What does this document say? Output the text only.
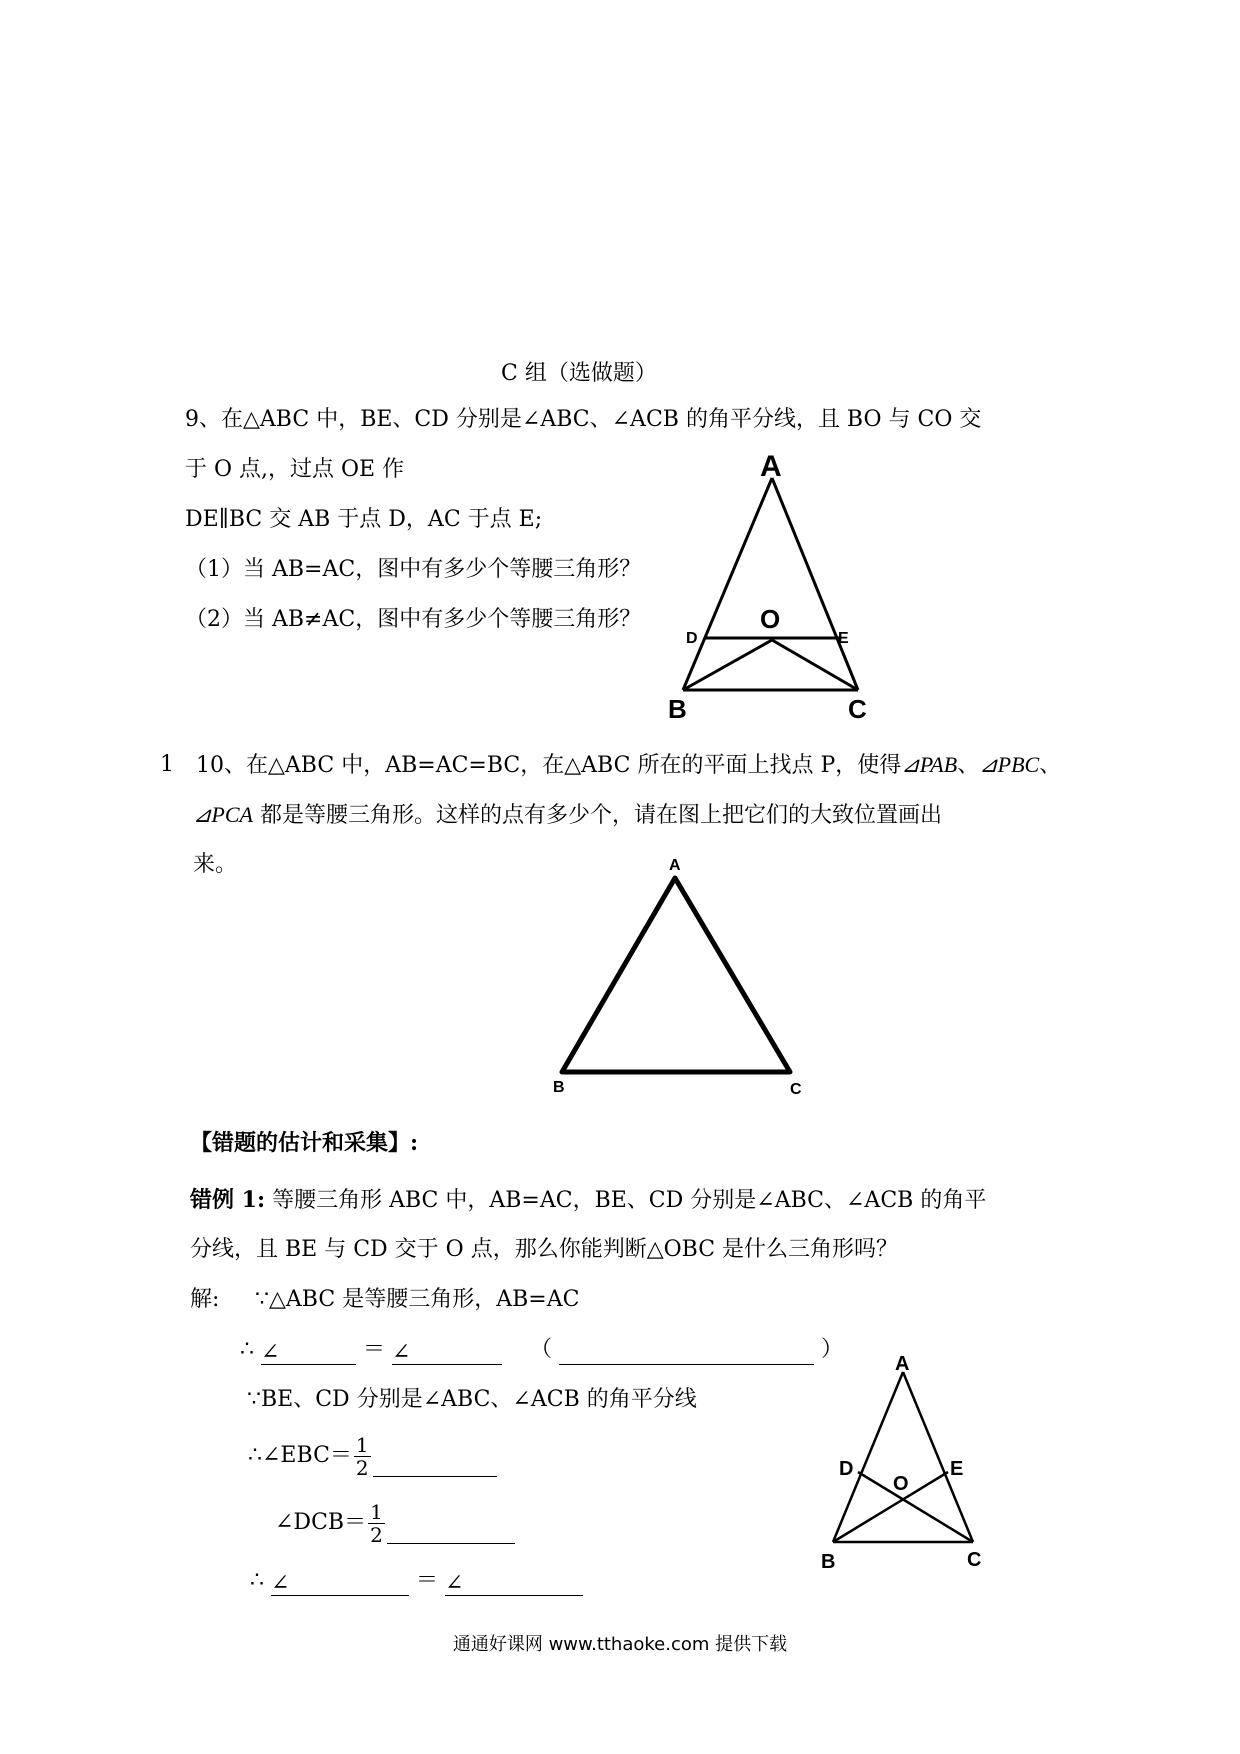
C 组（选做题）
9、在△ABC 中，BE、CD 分别是∠ABC、∠ACB 的角平分线，且 BO 与 CO 交
于 O 点,，过点 OE 作
DE∥BC 交 AB 于点 D，AC 于点 E;
（1）当 AB=AC，图中有多少个等腰三角形？
（2）当 AB≠AC，图中有多少个等腰三角形？
A
O
D	E
B	C
1 10、在△ABC 中，AB=AC=BC，在△ABC 所在的平面上找点 P，使得⊿PAB、⊿PBC、
⊿PCA 都是等腰三角形。这样的点有多少个，请在图上把它们的大致位置画出
来。	A
B	C
【错题的估计和采集】:
错例 1: 等腰三角形 ABC 中，AB=AC，BE、CD 分别是∠ABC、∠ACB 的角平
分线，且 BE 与 CD 交于 O 点，那么你能判断△OBC 是什么三角形吗？
解: ∵△ABC 是等腰三角形，AB=AC
∴ ∠	＝ ∠	（	）
∵BE、CD 分别是∠ABC、∠ACB 的角平分线
∴∠EBC＝ $\frac{1}{2}$
∠DCB＝ $\frac{1}{2}$
∴ ∠	＝ ∠
A
D	E
O
B	C
通通好课网 www.tthaoke.com 提供下载
